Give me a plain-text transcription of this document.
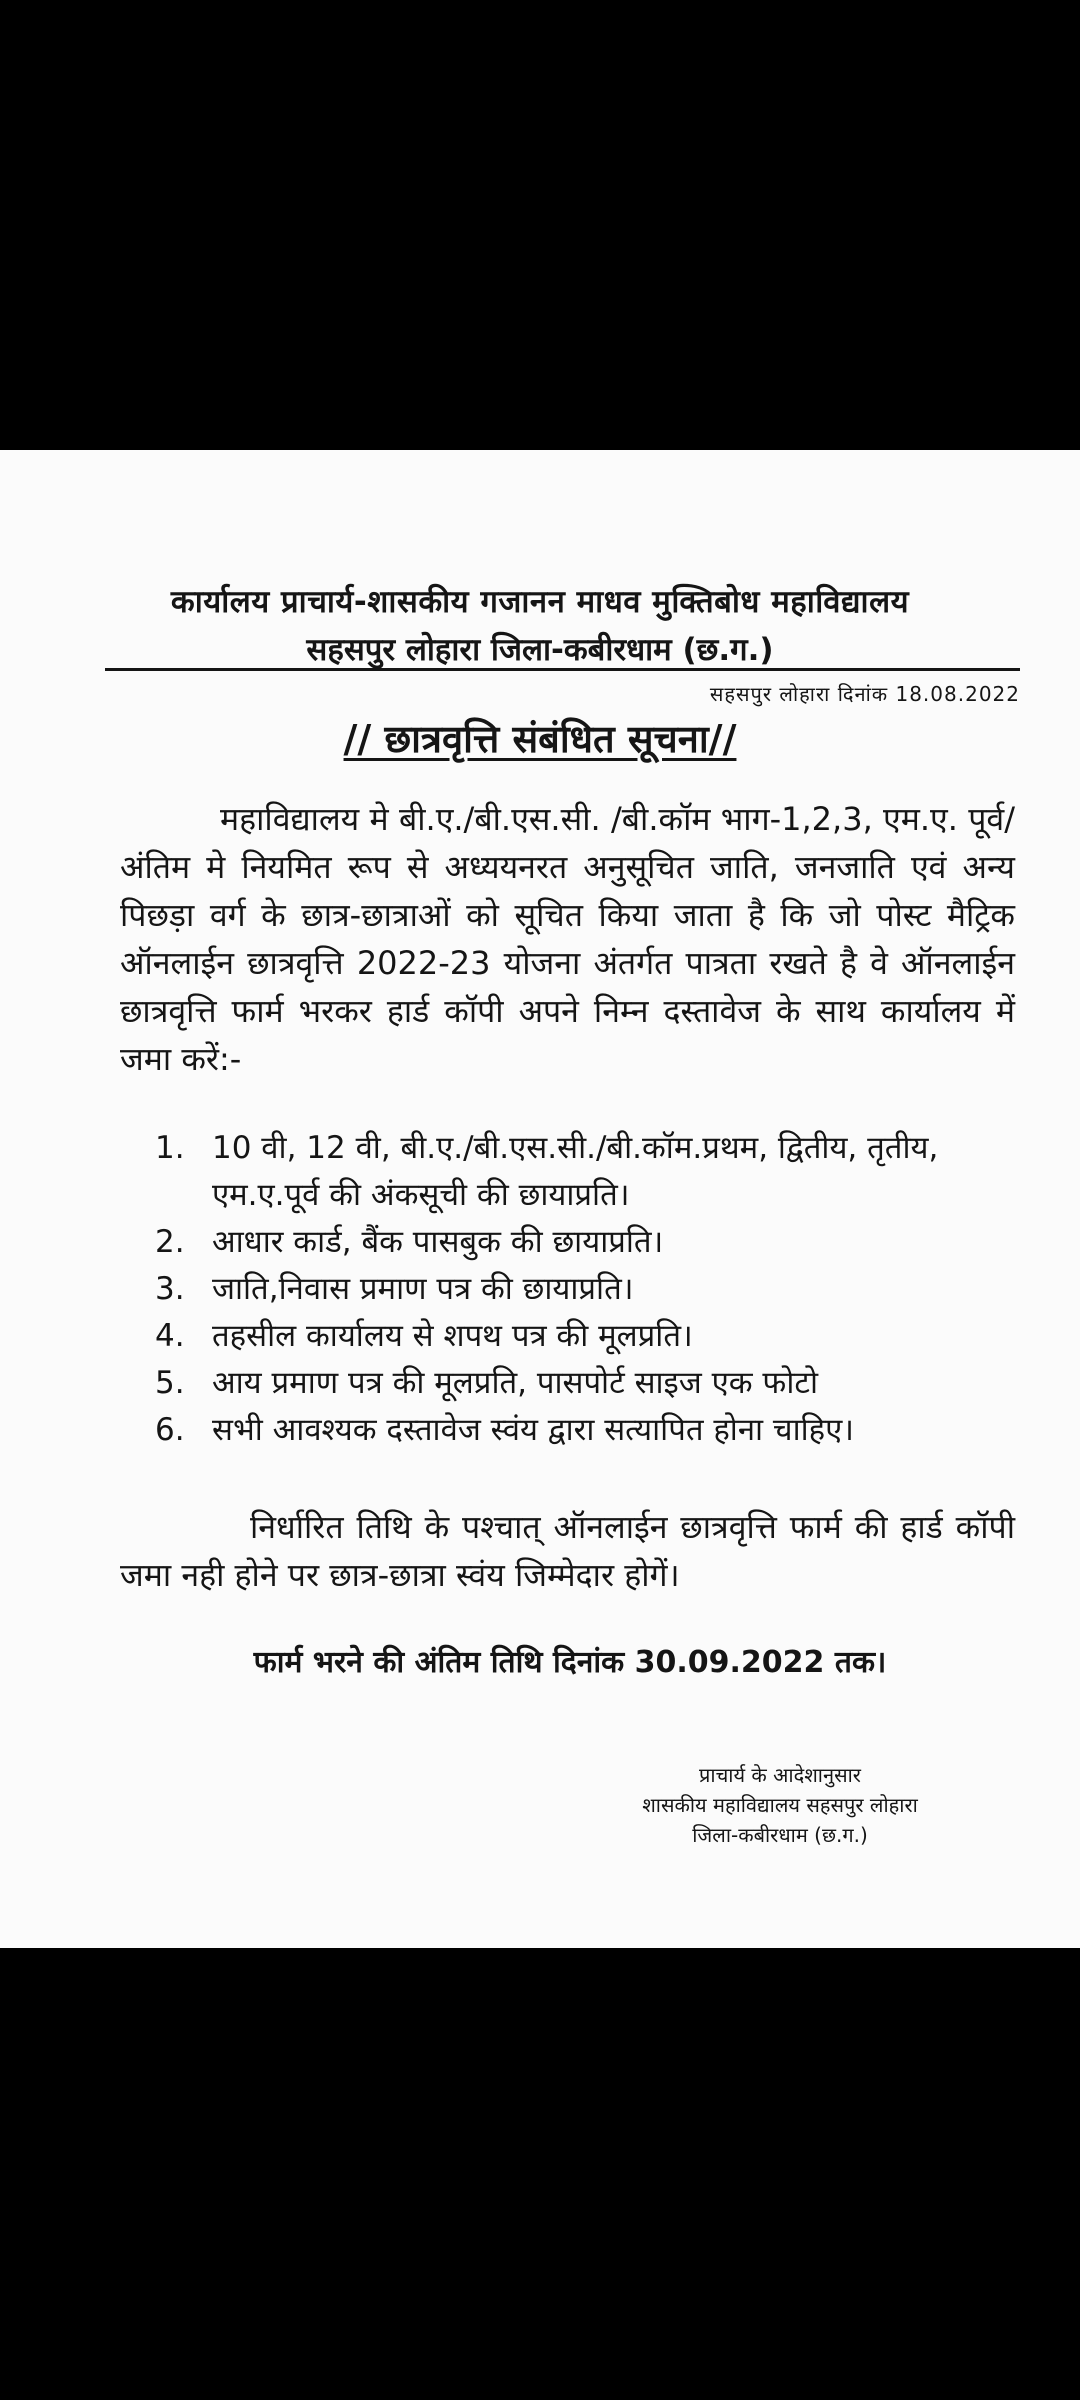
कार्यालय प्राचार्य-शासकीय गजानन माधव मुक्तिबोध महाविद्यालय
सहसपुर लोहारा जिला-कबीरधाम (छ.ग.)
सहसपुर लोहारा दिनांक 18.08.2022
// छात्रवृत्ति संबंधित सूचना//
महाविद्यालय मे बी.ए./बी.एस.सी. /बी.कॉम भाग-1,2,3, एम.ए. पूर्व/अंतिम मे नियमित रूप से अध्ययनरत अनुसूचित जाति, जनजाति एवं अन्य पिछड़ा वर्ग के छात्र-छात्राओं को सूचित किया जाता है कि जो पोस्ट मैट्रिक ऑनलाईन छात्रवृत्ति 2022-23 योजना अंतर्गत पात्रता रखते है वे ऑनलाईन छात्रवृत्ति फार्म भरकर हार्ड कॉपी अपने निम्न दस्तावेज के साथ कार्यालय में जमा करें:-
1. 10 वी, 12 वी, बी.ए./बी.एस.सी./बी.कॉम.प्रथम, द्वितीय, तृतीय, एम.ए.पूर्व की अंकसूची की छायाप्रति।
2. आधार कार्ड, बैंक पासबुक की छायाप्रति।
3. जाति,निवास प्रमाण पत्र की छायाप्रति।
4. तहसील कार्यालय से शपथ पत्र की मूलप्रति।
5. आय प्रमाण पत्र की मूलप्रति, पासपोर्ट साइज एक फोटो
6. सभी आवश्यक दस्तावेज स्वंय द्वारा सत्यापित होना चाहिए।
निर्धारित तिथि के पश्चात् ऑनलाईन छात्रवृत्ति फार्म की हार्ड कॉपी जमा नही होने पर छात्र-छात्रा स्वंय जिम्मेदार होगें।
फार्म भरने की अंतिम तिथि दिनांक 30.09.2022 तक।
प्राचार्य के आदेशानुसार
शासकीय महाविद्यालय सहसपुर लोहारा
जिला-कबीरधाम (छ.ग.)
